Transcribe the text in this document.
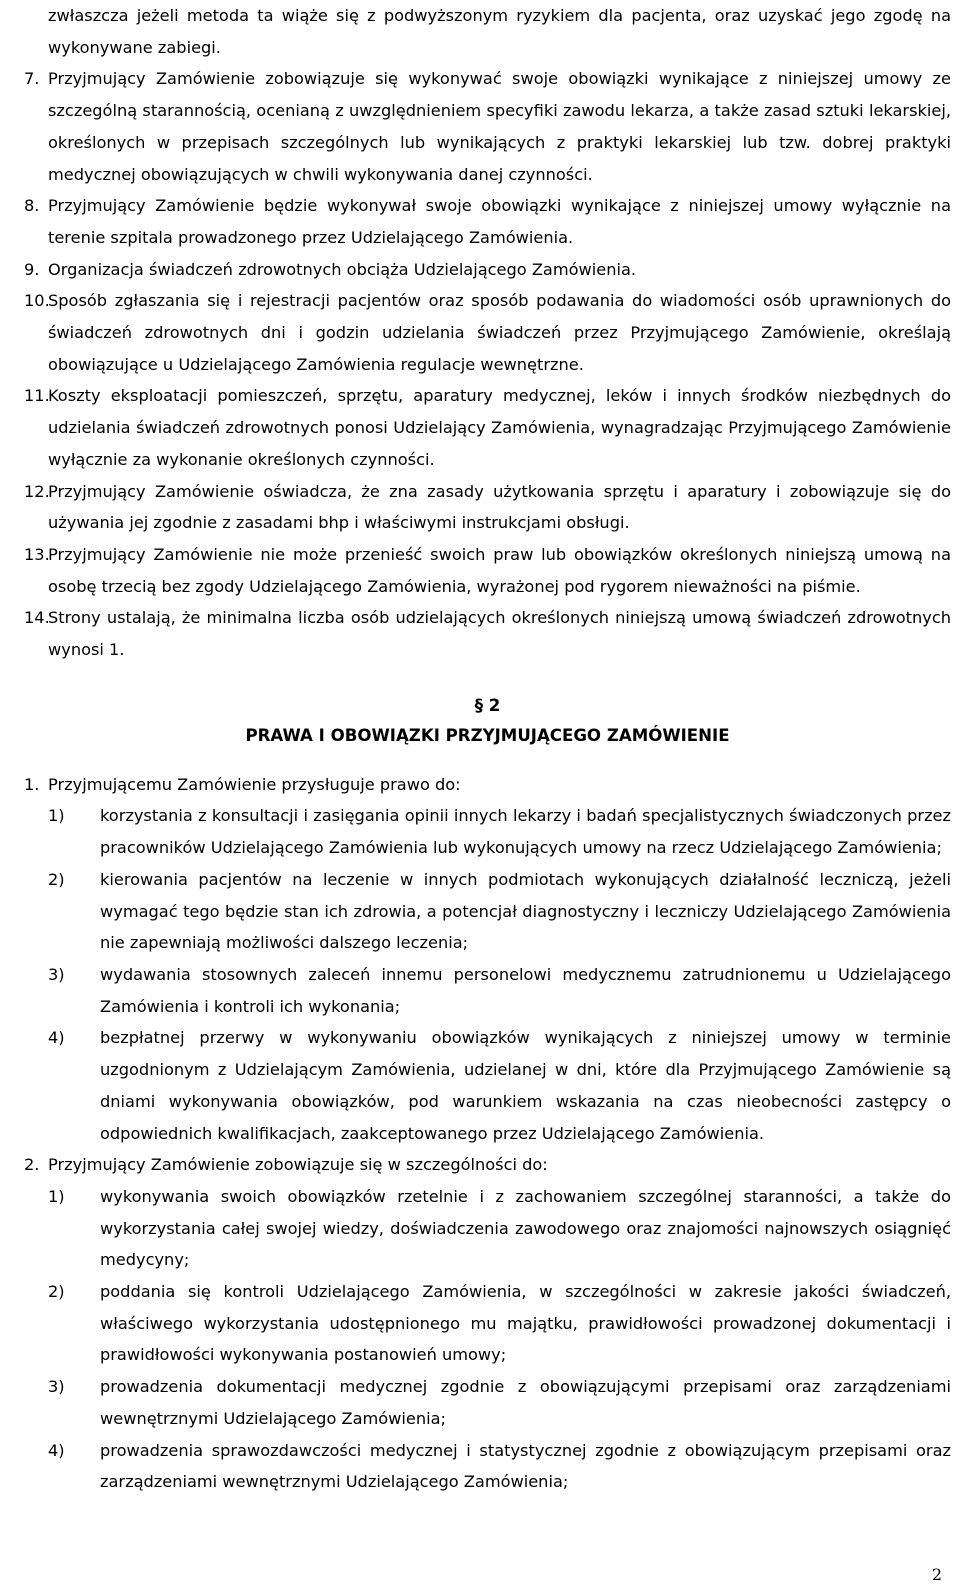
zwłaszcza jeżeli metoda ta wiąże się z podwyższonym ryzykiem dla pacjenta, oraz uzyskać jego zgodę na wykonywane zabiegi.

7. Przyjmujący Zamówienie zobowiązuje się wykonywać swoje obowiązki wynikające z niniejszej umowy ze szczególną starannością, ocenianą z uwzględnieniem specyfiki zawodu lekarza, a także zasad sztuki lekarskiej, określonych w przepisach szczególnych lub wynikających z praktyki lekarskiej lub tzw. dobrej praktyki medycznej obowiązujących w chwili wykonywania danej czynności.
8. Przyjmujący Zamówienie będzie wykonywał swoje obowiązki wynikające z niniejszej umowy wyłącznie na terenie szpitala prowadzonego przez Udzielającego Zamówienia.
9. Organizacja świadczeń zdrowotnych obciąża Udzielającego Zamówienia.
10.
Sposób zgłaszania się i rejestracji pacjentów oraz sposób podawania do wiadomości osób uprawnionych do świadczeń zdrowotnych dni i godzin udzielania świadczeń przez Przyjmującego Zamówienie, określają obowiązujące u Udzielającego Zamówienia regulacje wewnętrzne.
11.
Koszty eksploatacji pomieszczeń, sprzętu, aparatury medycznej, leków i innych środków niezbędnych do udzielania świadczeń zdrowotnych ponosi Udzielający Zamówienia, wynagradzając Przyjmującego Zamówienie wyłącznie za wykonanie określonych czynności.
12.
Przyjmujący Zamówienie oświadcza, że zna zasady użytkowania sprzętu i aparatury i zobowiązuje się do używania jej zgodnie z zasadami bhp i właściwymi instrukcjami obsługi.
13.
Przyjmujący Zamówienie nie może przenieść swoich praw lub obowiązków określonych niniejszą umową na osobę trzecią bez zgody Udzielającego Zamówienia, wyrażonej pod rygorem nieważności na piśmie.
14.
Strony ustalają, że minimalna liczba osób udzielających określonych niniejszą umową świadczeń zdrowotnych wynosi 1.

§ 2

PRAWA I OBOWIĄZKI PRZYJMUJĄCEGO ZAMÓWIENIE

1. Przyjmującemu Zamówienie przysługuje prawo do:
1)	korzystania z konsultacji i zasięgania opinii innych lekarzy i badań specjalistycznych świadczonych przez pracowników Udzielającego Zamówienia lub wykonujących umowy na rzecz Udzielającego Zamówienia;
2)	kierowania pacjentów na leczenie w innych podmiotach wykonujących działalność leczniczą, jeżeli wymagać tego będzie stan ich zdrowia, a potencjał diagnostyczny i leczniczy Udzielającego Zamówienia nie zapewniają możliwości dalszego leczenia;
3)	wydawania stosownych zaleceń innemu personelowi medycznemu zatrudnionemu u Udzielającego Zamówienia i kontroli ich wykonania;
4)	bezpłatnej przerwy w wykonywaniu obowiązków wynikających z niniejszej umowy w terminie uzgodnionym z Udzielającym Zamówienia, udzielanej w dni, które dla Przyjmującego Zamówienie są dniami wykonywania obowiązków, pod warunkiem wskazania na czas nieobecności zastępcy o odpowiednich kwalifikacjach, zaakceptowanego przez Udzielającego Zamówienia.
2. Przyjmujący Zamówienie zobowiązuje się w szczególności do:
1)	wykonywania swoich obowiązków rzetelnie i z zachowaniem szczególnej staranności, a także do wykorzystania całej swojej wiedzy, doświadczenia zawodowego oraz znajomości najnowszych osiągnięć medycyny;
2)	poddania się kontroli Udzielającego Zamówienia, w szczególności w zakresie jakości świadczeń, właściwego wykorzystania udostępnionego mu majątku, prawidłowości prowadzonej dokumentacji i prawidłowości wykonywania postanowień umowy;
3)	prowadzenia dokumentacji medycznej zgodnie z obowiązującymi przepisami oraz zarządzeniami wewnętrznymi Udzielającego Zamówienia;
4)	prowadzenia sprawozdawczości medycznej i statystycznej zgodnie z obowiązującym przepisami oraz zarządzeniami wewnętrznymi Udzielającego Zamówienia;
2
